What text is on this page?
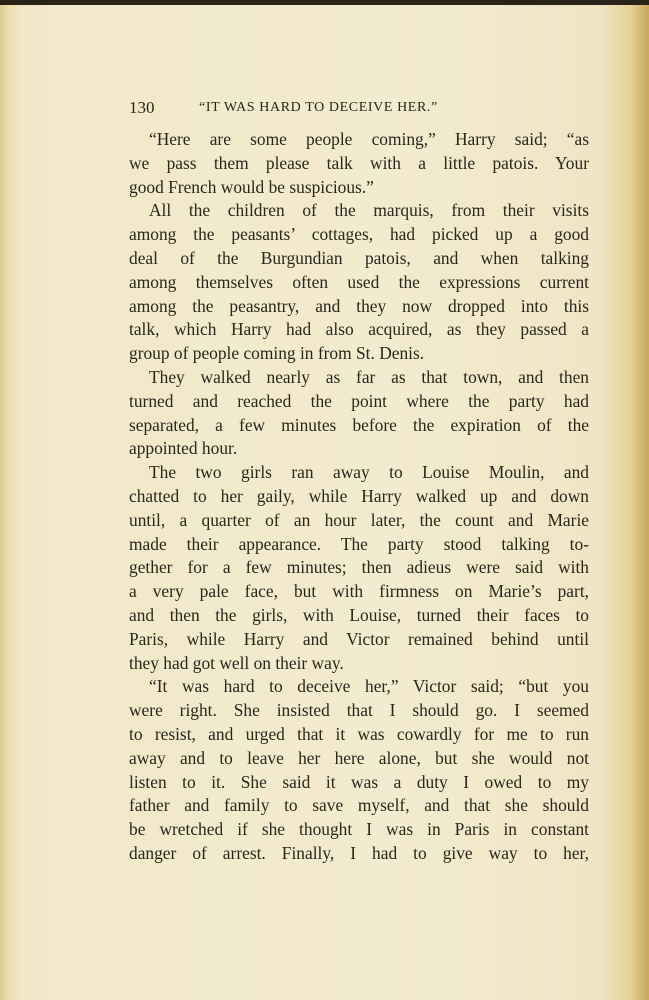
130	“IT WAS HARD TO DECEIVE HER.”
“Here are some people coming,” Harry said; “as
we pass them please talk with a little patois. Your
good French would be suspicious.”
All the children of the marquis, from their visits
among the peasants’ cottages, had picked up a good
deal of the Burgundian patois, and when talking
among themselves often used the expressions current
among the peasantry, and they now dropped into this
talk, which Harry had also acquired, as they passed a
group of people coming in from St. Denis.
They walked nearly as far as that town, and then
turned and reached the point where the party had
separated, a few minutes before the expiration of the
appointed hour.
The two girls ran away to Louise Moulin, and
chatted to her gaily, while Harry walked up and down
until, a quarter of an hour later, the count and Marie
made their appearance. The party stood talking to-
gether for a few minutes; then adieus were said with
a very pale face, but with firmness on Marie’s part,
and then the girls, with Louise, turned their faces to
Paris, while Harry and Victor remained behind until
they had got well on their way.
“It was hard to deceive her,” Victor said; “but you
were right. She insisted that I should go. I seemed
to resist, and urged that it was cowardly for me to run
away and to leave her here alone, but she would not
listen to it. She said it was a duty I owed to my
father and family to save myself, and that she should
be wretched if she thought I was in Paris in constant
danger of arrest. Finally, I had to give way to her,
